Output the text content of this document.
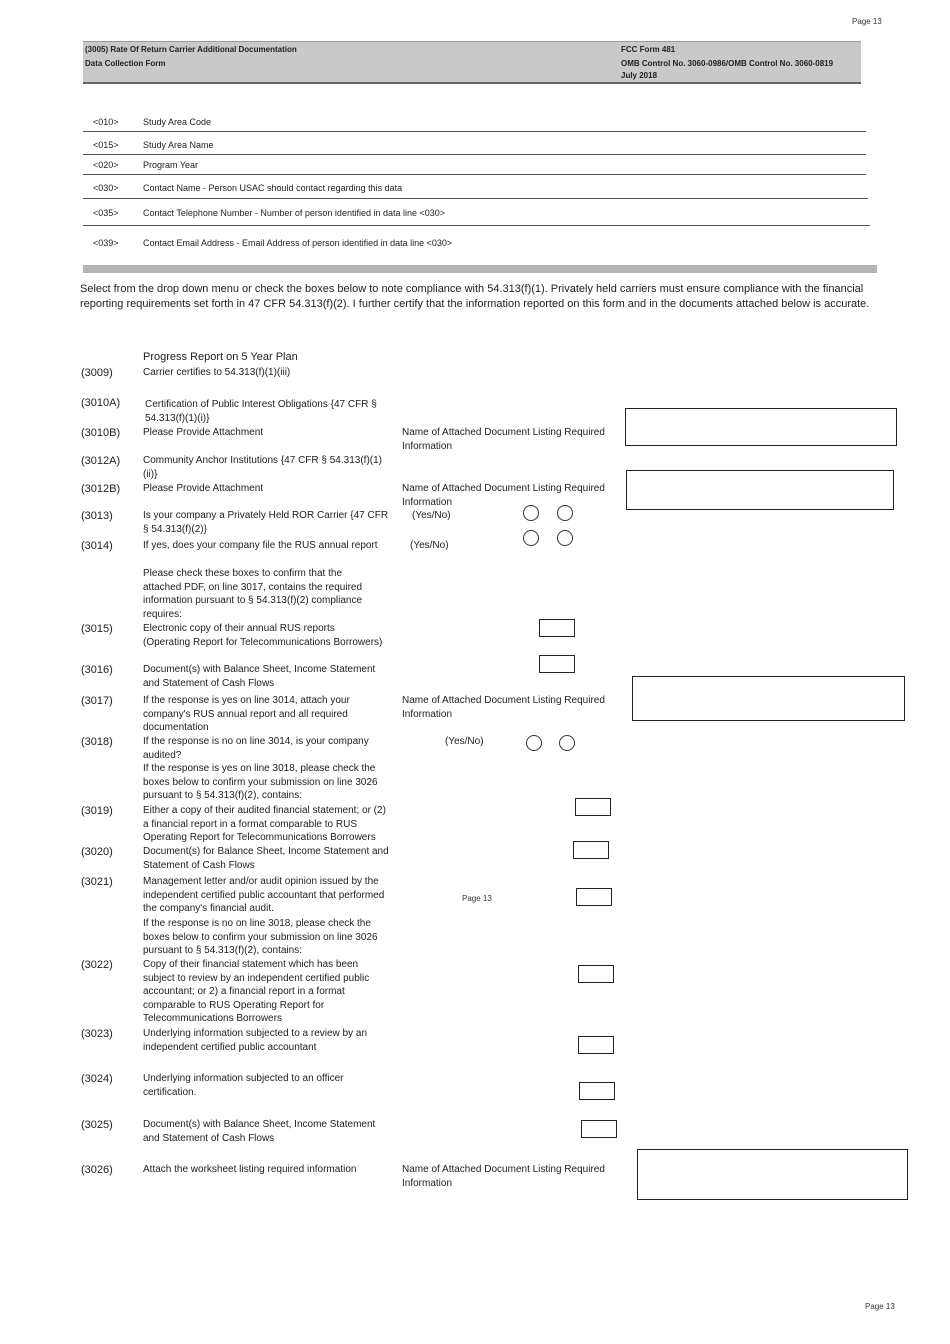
Page 13
Page 13
Page 13
(3005) Rate Of Return Carrier Additional Documentation
Data Collection Form
FCC Form 481
OMB Control No. 3060-0986/OMB Control No. 3060-0819
July 2018
<010>	Study Area Code
<015>	Study Area Name
<020>	Program Year
<030>	Contact Name - Person USAC should contact regarding this data
<035>	Contact Telephone Number - Number of person identified in data line <030>
<039>	Contact Email Address - Email Address of person identified in data line <030>
Select from the drop down menu or check the boxes below to note compliance with 54.313(f)(1). Privately held carriers must ensure compliance with the financial reporting requirements set forth in 47 CFR 54.313(f)(2). I further certify that the information reported on this form and in the documents attached below is accurate.
Progress Report on 5 Year Plan
(3009)	Carrier certifies to 54.313(f)(1)(iii)
(3010A) Certification of Public Interest Obligations {47 CFR § 54.313(f)(1)(i)}
(3010B) Please Provide Attachment	Name of Attached Document Listing Required Information
(3012A) Community Anchor Institutions {47 CFR § 54.313(f)(1)(ii)}
(3012B) Please Provide Attachment	Name of Attached Document Listing Required Information
(3013)	Is your company a Privately Held ROR Carrier {47 CFR § 54.313(f)(2)}
(Yes/No)
(3014)	If yes, does your company file the RUS annual report	(Yes/No)
Please check these boxes to confirm that the attached PDF, on line 3017, contains the required information pursuant to § 54.313(f)(2) compliance requires:
(3015)	Electronic copy of their annual RUS reports (Operating Report for Telecommunications Borrowers)
(3016)	Document(s) with Balance Sheet, Income Statement and Statement of Cash Flows
(3017)	If the response is yes on line 3014, attach your company's RUS annual report and all required documentation
Name of Attached Document Listing Required Information
(3018)	If the response is no on line 3014, is your company audited?
(Yes/No)
If the response is yes on line 3018, please check the boxes below to confirm your submission on line 3026 pursuant to § 54.313(f)(2), contains:
(3019)	Either a copy of their audited financial statement; or (2) a financial report in a format comparable to RUS Operating Report for Telecommunications Borrowers
(3020)	Document(s) for Balance Sheet, Income Statement and Statement of Cash Flows
(3021)	Management letter and/or audit opinion issued by the independent certified public accountant that performed the company's financial audit.
If the response is no on line 3018, please check the boxes below to confirm your submission on line 3026 pursuant to § 54.313(f)(2), contains:
(3022)	Copy of their financial statement which has been subject to review by an independent certified public accountant; or 2) a financial report in a format comparable to RUS Operating Report for Telecommunications Borrowers
(3023)	Underlying information subjected to a review by an independent certified public accountant
(3024)	Underlying information subjected to an officer certification.
(3025)	Document(s) with Balance Sheet, Income Statement and Statement of Cash Flows
(3026)	Attach the worksheet listing required information	Name of Attached Document Listing Required Information
